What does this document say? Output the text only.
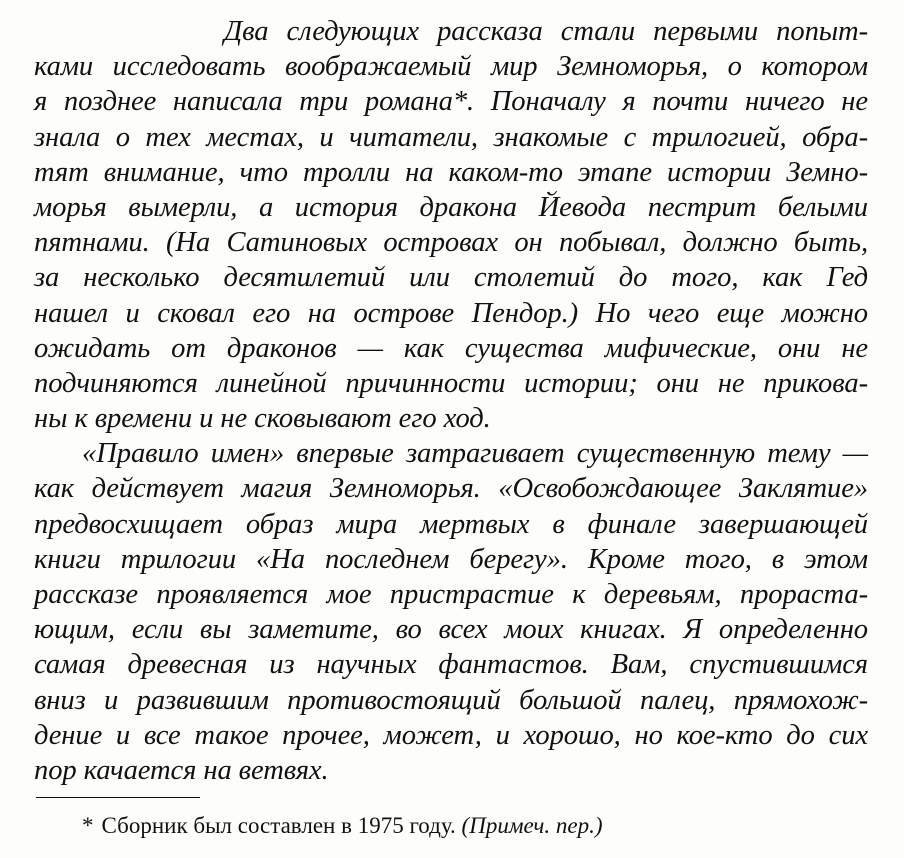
Два следующих рассказа стали первыми попыт-
ками исследовать воображаемый мир Земноморья, о котором
я позднее написала три романа*. Поначалу я почти ничего не
знала о тех местах, и читатели, знакомые с трилогией, обра-
тят внимание, что тролли на каком-то этапе истории Земно-
морья вымерли, а история дракона Йевода пестрит белыми
пятнами. (На Сатиновых островах он побывал, должно быть,
за несколько десятилетий или столетий до того, как Гед
нашел и сковал его на острове Пендор.) Но чего еще можно
ожидать от драконов — как существа мифические, они не
подчиняются линейной причинности истории; они не прикова-
ны к времени и не сковывают его ход.
«Правило имен» впервые затрагивает существенную тему —
как действует магия Земноморья. «Освобождающее Заклятие»
предвосхищает образ мира мертвых в финале завершающей
книги трилогии «На последнем берегу». Кроме того, в этом
рассказе проявляется мое пристрастие к деревьям, прораста-
ющим, если вы заметите, во всех моих книгах. Я определенно
самая древесная из научных фантастов. Вам, спустившимся
вниз и развившим противостоящий большой палец, прямохож-
дение и все такое прочее, может, и хорошо, но кое-кто до сих
пор качается на ветвях.
* Сборник был составлен в 1975 году. (Примеч. пер.)
